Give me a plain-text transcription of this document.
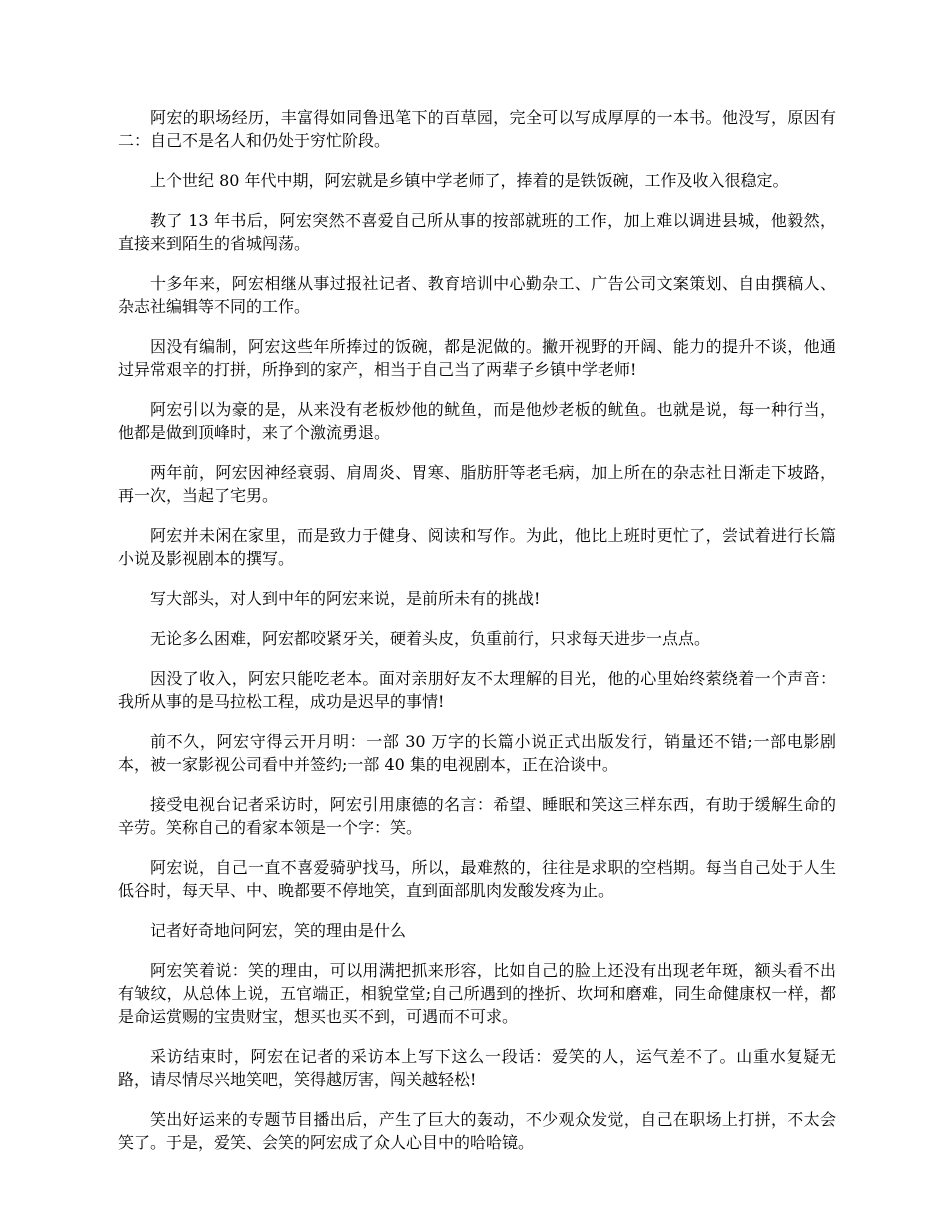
阿宏的职场经历，丰富得如同鲁迅笔下的百草园，完全可以写成厚厚的一本书。他没写，原因有二：自己不是名人和仍处于穷忙阶段。

上个世纪 80 年代中期，阿宏就是乡镇中学老师了，捧着的是铁饭碗，工作及收入很稳定。

教了 13 年书后，阿宏突然不喜爱自己所从事的按部就班的工作，加上难以调进县城，他毅然，直接来到陌生的省城闯荡。

十多年来，阿宏相继从事过报社记者、教育培训中心勤杂工、广告公司文案策划、自由撰稿人、杂志社编辑等不同的工作。

因没有编制，阿宏这些年所捧过的饭碗，都是泥做的。撇开视野的开阔、能力的提升不谈，他通过异常艰辛的打拼，所挣到的家产，相当于自己当了两辈子乡镇中学老师!

阿宏引以为豪的是，从来没有老板炒他的鱿鱼，而是他炒老板的鱿鱼。也就是说，每一种行当，他都是做到顶峰时，来了个激流勇退。

两年前，阿宏因神经衰弱、肩周炎、胃寒、脂肪肝等老毛病，加上所在的杂志社日渐走下坡路，再一次，当起了宅男。

阿宏并未闲在家里，而是致力于健身、阅读和写作。为此，他比上班时更忙了，尝试着进行长篇小说及影视剧本的撰写。

写大部头，对人到中年的阿宏来说，是前所未有的挑战!

无论多么困难，阿宏都咬紧牙关，硬着头皮，负重前行，只求每天进步一点点。

因没了收入，阿宏只能吃老本。面对亲朋好友不太理解的目光，他的心里始终萦绕着一个声音：我所从事的是马拉松工程，成功是迟早的事情!

前不久，阿宏守得云开月明：一部 30 万字的长篇小说正式出版发行，销量还不错;一部电影剧本，被一家影视公司看中并签约;一部 40 集的电视剧本，正在洽谈中。

接受电视台记者采访时，阿宏引用康德的名言：希望、睡眠和笑这三样东西，有助于缓解生命的辛劳。笑称自己的看家本领是一个字：笑。

阿宏说，自己一直不喜爱骑驴找马，所以，最难熬的，往往是求职的空档期。每当自己处于人生低谷时，每天早、中、晚都要不停地笑，直到面部肌肉发酸发疼为止。

记者好奇地问阿宏，笑的理由是什么

阿宏笑着说：笑的理由，可以用满把抓来形容，比如自己的脸上还没有出现老年斑，额头看不出有皱纹，从总体上说，五官端正，相貌堂堂;自己所遇到的挫折、坎坷和磨难，同生命健康权一样，都是命运赏赐的宝贵财宝，想买也买不到，可遇而不可求。

采访结束时，阿宏在记者的采访本上写下这么一段话：爱笑的人，运气差不了。山重水复疑无路，请尽情尽兴地笑吧，笑得越厉害，闯关越轻松!

笑出好运来的专题节目播出后，产生了巨大的轰动，不少观众发觉，自己在职场上打拼，不太会笑了。于是，爱笑、会笑的阿宏成了众人心目中的哈哈镜。
